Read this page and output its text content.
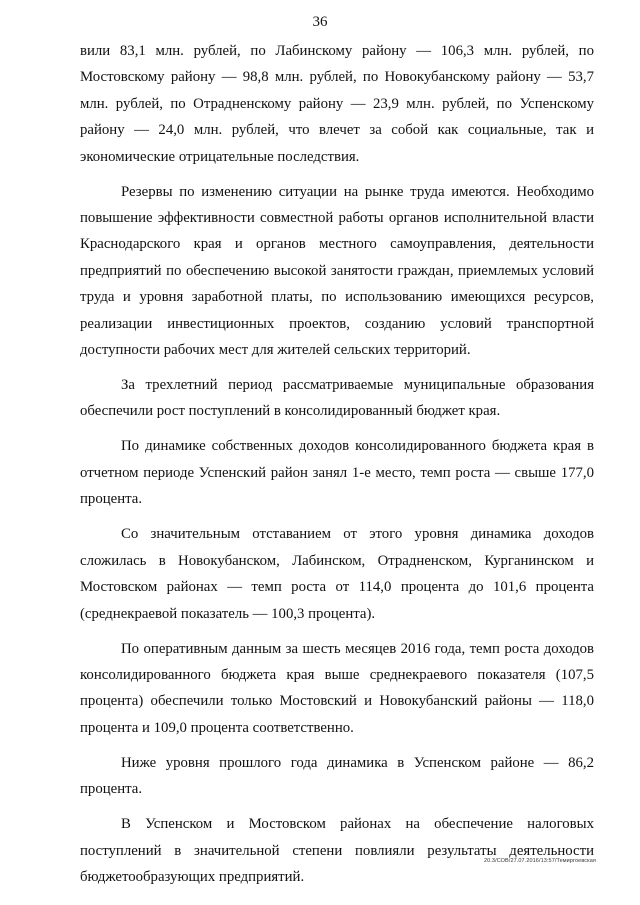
36

вили 83,1 млн. рублей, по Лабинскому району — 106,3 млн. рублей, по Мостовскому району — 98,8 млн. рублей, по Новокубанскому району — 53,7 млн. рублей, по Отрадненскому району — 23,9 млн. рублей, по Успенскому району — 24,0 млн. рублей, что влечет за собой как социальные, так и экономические отрицательные последствия.

Резервы по изменению ситуации на рынке труда имеются. Необходимо повышение эффективности совместной работы органов исполнительной власти Краснодарского края и органов местного самоуправления, деятельности предприятий по обеспечению высокой занятости граждан, приемлемых условий труда и уровня заработной платы, по использованию имеющихся ресурсов, реализации инвестиционных проектов, созданию условий транспортной доступности рабочих мест для жителей сельских территорий.

За трехлетний период рассматриваемые муниципальные образования обеспечили рост поступлений в консолидированный бюджет края.

По динамике собственных доходов консолидированного бюджета края в отчетном периоде Успенский район занял 1-е место, темп роста — свыше 177,0 процента.

Со значительным отставанием от этого уровня динамика доходов сложилась в Новокубанском, Лабинском, Отрадненском, Курганинском и Мостовском районах — темп роста от 114,0 процента до 101,6 процента (среднекраевой показатель — 100,3 процента).

По оперативным данным за шесть месяцев 2016 года, темп роста доходов консолидированного бюджета края выше среднекраевого показателя (107,5 процента) обеспечили только Мостовский и Новокубанский районы — 118,0 процента и 109,0 процента соответственно.

Ниже уровня прошлого года динамика в Успенском районе — 86,2 процента.

В Успенском и Мостовском районах на обеспечение налоговых поступлений в значительной степени повлияли результаты деятельности бюджетообразующих предприятий.

20.3/СОВ/27.07.2016/13:57/Темиргоевская
